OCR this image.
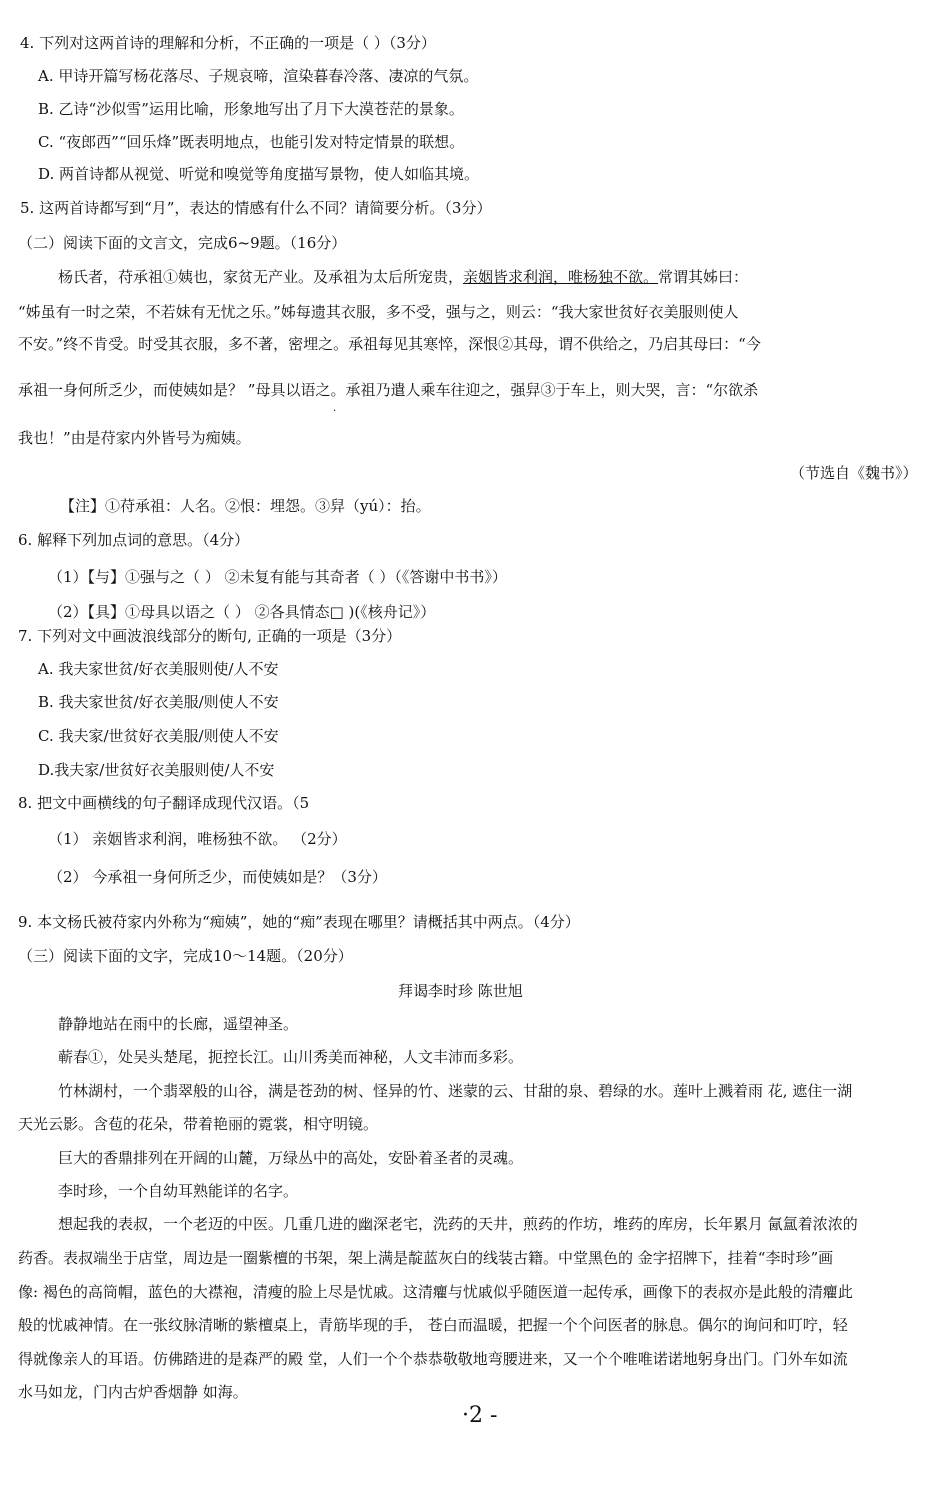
4. 下列对这两首诗的理解和分析，不正确的一项是（ ）（3分）
A. 甲诗开篇写杨花落尽、子规哀啼，渲染暮春冷落、凄凉的气氛。
B. 乙诗“沙似雪”运用比喻，形象地写出了月下大漠苍茫的景象。
C. “夜郎西”“回乐烽”既表明地点，也能引发对特定情景的联想。
D. 两首诗都从视觉、听觉和嗅觉等角度描写景物，使人如临其境。
5. 这两首诗都写到“月”，表达的情感有什么不同？请简要分析。（3分）
（二）阅读下面的文言文，完成6~9题。（16分）
杨氏者，苻承祖①姨也，家贫无产业。及承祖为太后所宠贵，亲姻皆求利润，唯杨独不欲。常谓其姊曰：
“姊虽有一时之荣，不若妹有无忧之乐。”姊每遗其衣服，多不受，强与之，则云：“我大家世贫好衣美服则使人
不安。”终不肯受。时受其衣服，多不著，密埋之。承祖每见其寒悴，深恨②其母，谓不供给之，乃启其母曰：“今
承祖一身何所乏少，而使姨如是？ ”母具以语之。承祖乃遣人乘车往迎之，强舁③于车上，则大哭，言：“尔欲杀
·
我也！”由是苻家内外皆号为痴姨。
（节选自《魏书》）
【注】①苻承祖：人名。②恨：埋怨。③舁（yú）：抬。
6. 解释下列加点词的意思。（4分）
（1）【与】①强与之（ ） ②未复有能与其奇者（ ）（《答谢中书书》）
（2）【具】①母具以语之（ ） ②各具情态□ )(《核舟记》）
7. 下列对文中画波浪线部分的断句, 正确的一项是（3分）
A. 我夫家世贫/好衣美服则使/人不安
B. 我夫家世贫/好衣美服/则使人不安
C. 我夫家/世贫好衣美服/则使人不安
D.我夫家/世贫好衣美服则使/人不安
8. 把文中画横线的句子翻译成现代汉语。（5
（1） 亲姻皆求利润，唯杨独不欲。 （2分）
（2） 今承祖一身何所乏少，而使姨如是？（3分）
9. 本文杨氏被苻家内外称为“痴姨”，她的“痴”表现在哪里？请概括其中两点。（4分）
（三）阅读下面的文字，完成10〜14题。（20分）
拜谒李时珍 陈世旭
静静地站在雨中的长廊，遥望神圣。
蕲春①，处吴头楚尾，扼控长江。山川秀美而神秘，人文丰沛而多彩。
竹林湖村，一个翡翠般的山谷，满是苍劲的树、怪异的竹、迷蒙的云、甘甜的泉、碧绿的水。莲叶上溅着雨 花, 遮住一湖
天光云影。含苞的花朵，带着艳丽的霓裳，相守明镜。
巨大的香鼎排列在开阔的山麓，万绿丛中的高处，安卧着圣者的灵魂。
李时珍，一个自幼耳熟能详的名字。
想起我的表叔，一个老迈的中医。几重几进的幽深老宅，洗药的天井，煎药的作坊，堆药的库房，长年累月 氤氲着浓浓的
药香。表叔端坐于店堂，周边是一圈紫檀的书架，架上满是靛蓝灰白的线装古籍。中堂黑色的 金字招牌下，挂着“李时珍”画
像: 褐色的高筒帽，蓝色的大襟袍，清瘦的脸上尽是忧戚。这清癯与忧戚似乎随医道一起传承，画像下的表叔亦是此般的清癯此
般的忧戚神情。在一张纹脉清晰的紫檀桌上，青筋毕现的手， 苍白而温暖，把握一个个问医者的脉息。偶尔的询问和叮咛，轻
得就像亲人的耳语。仿佛踏进的是森严的殿 堂，人们一个个恭恭敬敬地弯腰进来，又一个个唯唯诺诺地躬身出门。门外车如流
水马如龙，门内古炉香烟静 如海。
·2 -
